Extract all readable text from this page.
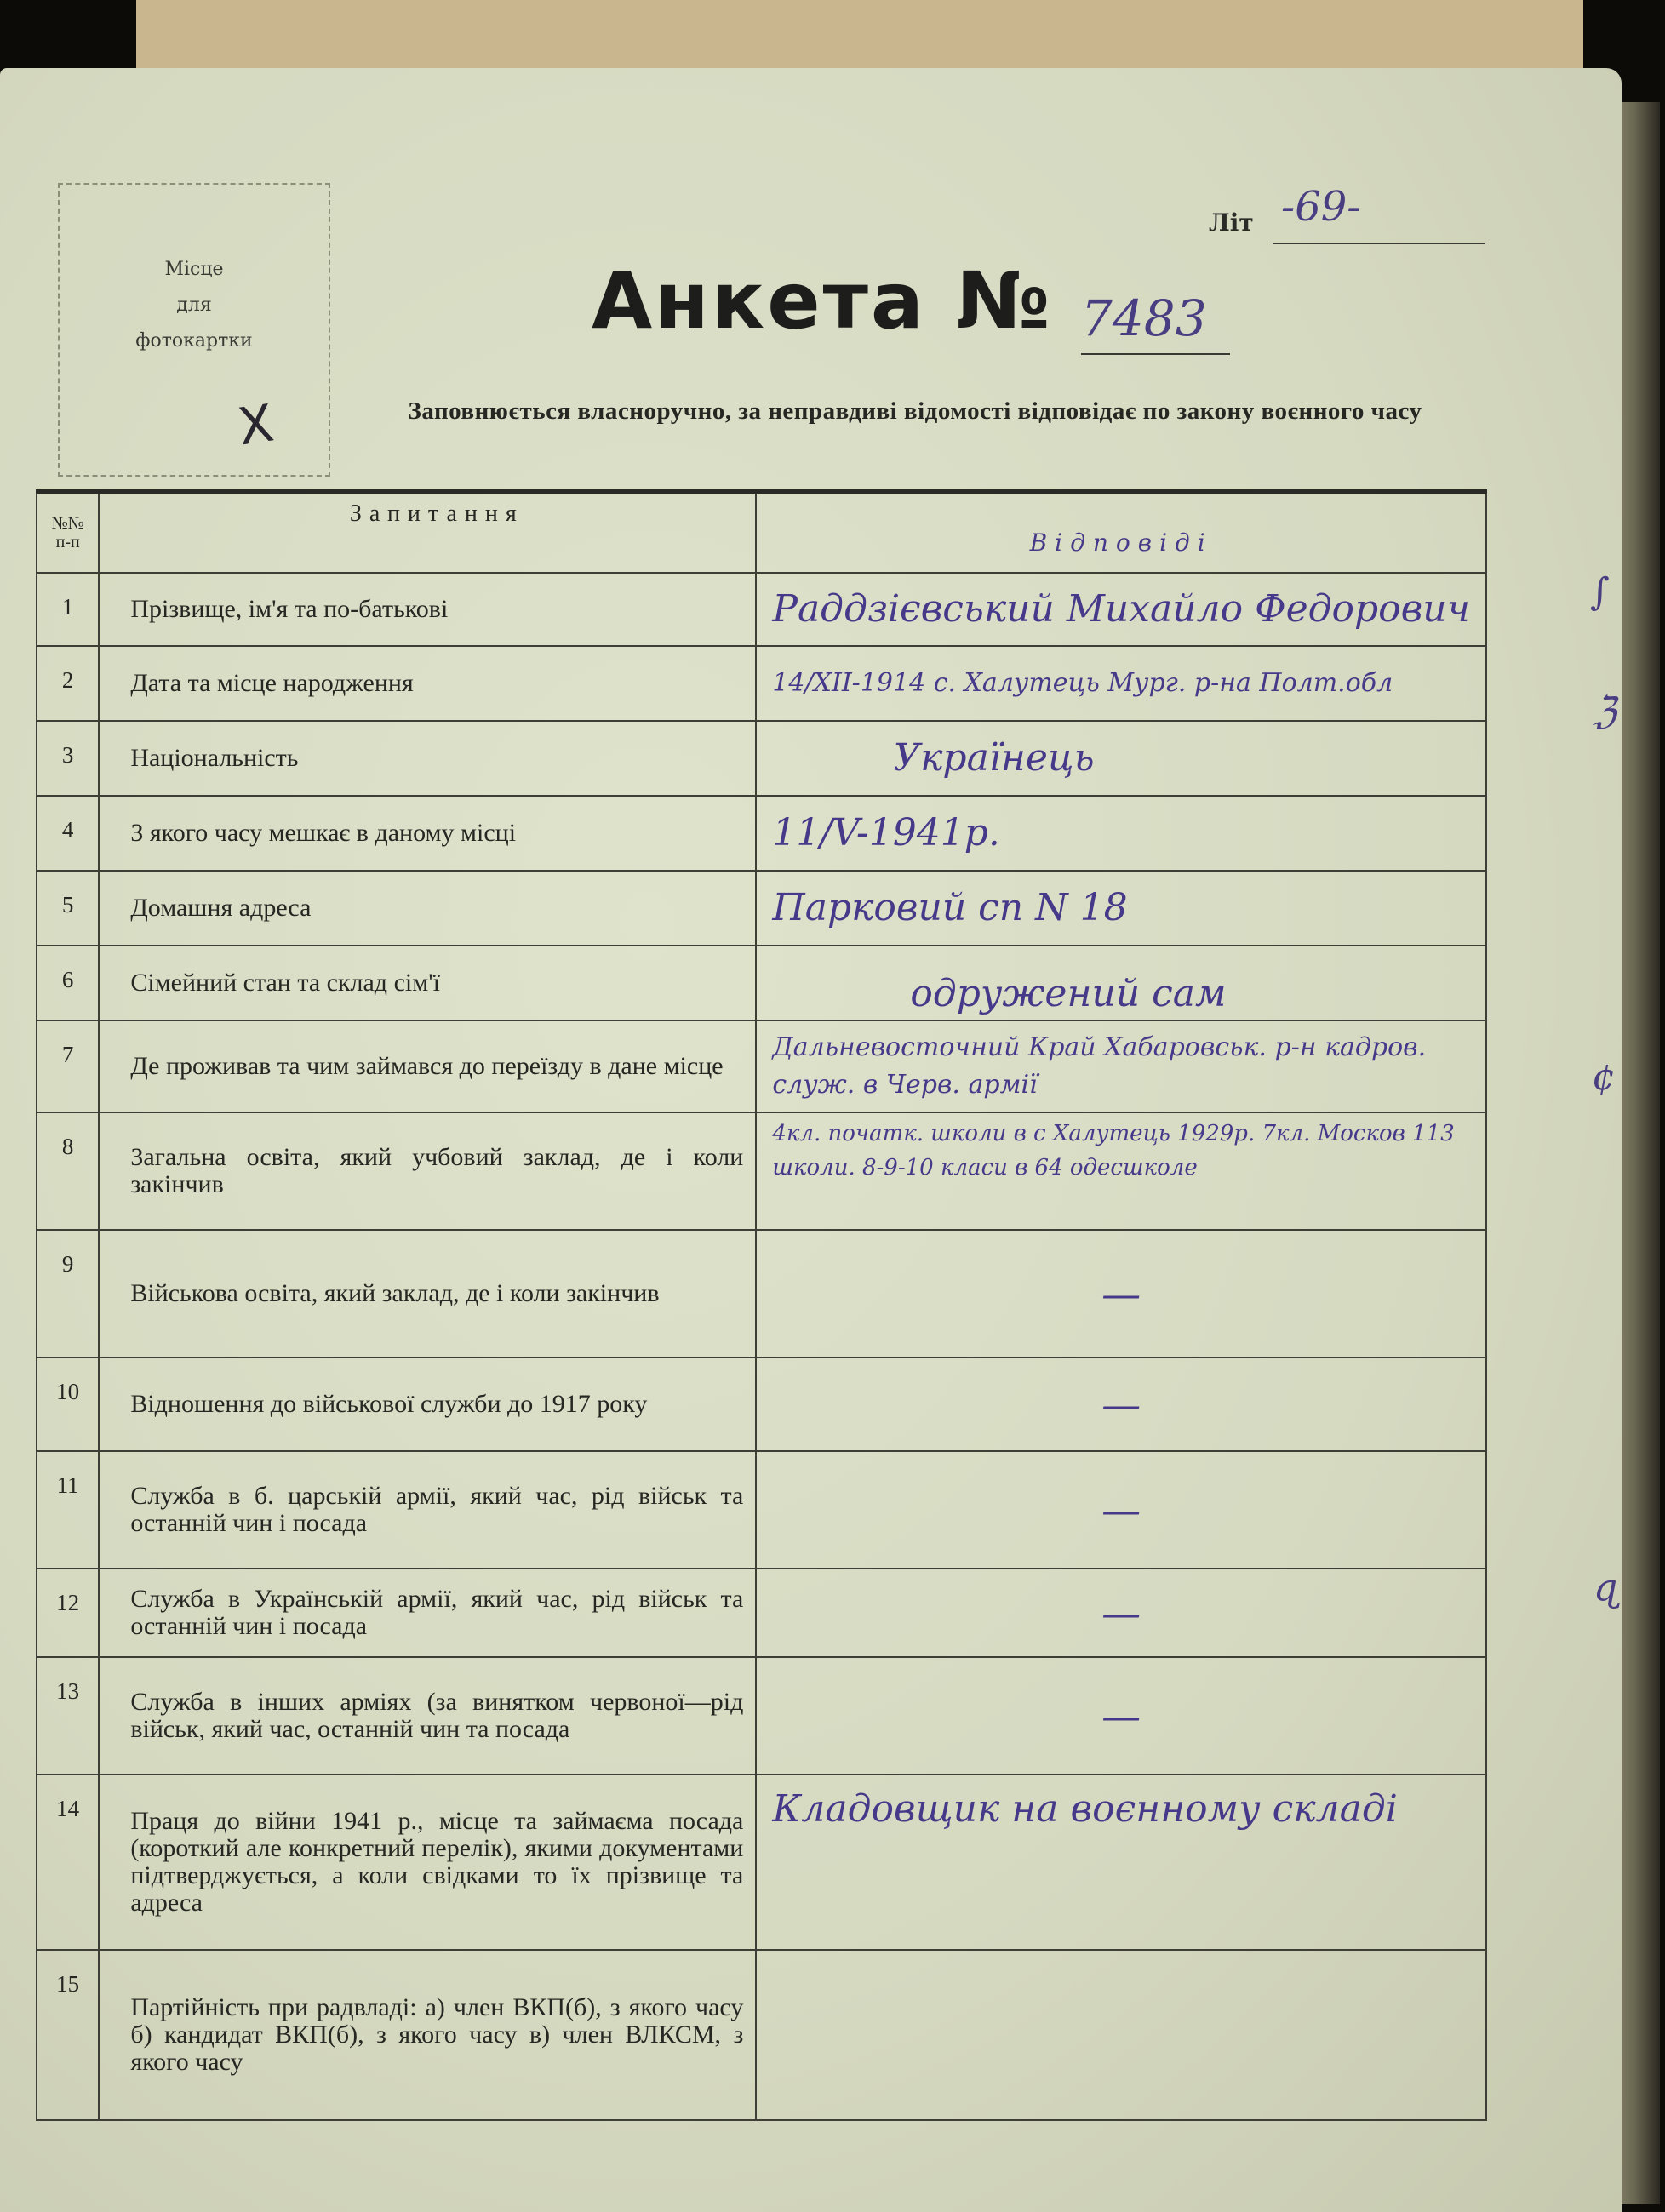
Місце
для
фотокартки
X
Літ -69-
Анкета № 7483
Заповнюється власноручно, за неправдиві відомості відповідає по закону воєнного часу
№№
п-п	Запитання	Відповіді
1	Прізвище, ім'я та по-батькові	Раддзієвський Михайло Федорович
2	Дата та місце народження	14/XII-1914 с. Халутець Мург. р-на Полт.обл
3	Національність	Українець
4	З якого часу мешкає в даному місці	11/V-1941р.
5	Домашня адреса	Парковий сп N 18
6	Сімейний стан та склад сім'ї	одружений сам
7	Де проживав та чим займався до переїзду в дане місце	Дальневосточний Край Хабаровськ. р-н кадров. служ. в Черв. армії
8	Загальна освіта, який учбовий заклад, де і коли закінчив	4кл. початк. школи в с Халутець 1929р. 7кл. Москов 113 школи. 8-9-10 класи в 64 одесшколе
9	Військова освіта, який заклад, де і коли закінчив	—
10	Відношення до військової служби до 1917 року	—
11	Служба в б. царській армії, який час, рід військ та останній чин і посада	—
12	Служба в Українській армії, який час, рід військ та останній чин і посада	—
13	Служба в інших арміях (за винятком червоної—рід військ, який час, останній чин та посада	—
14	Праця до війни 1941 р., місце та займаєма посада (короткий але конкретний перелік), якими документами підтверджується, а коли свідками то їх прізвище та адреса	Кладовщик на воєнному складі
15	Партійність при радвладі: а) член ВКП(б), з якого часу б) кандидат ВКП(б), з якого часу в) член ВЛКСМ, з якого часу	
∫
ℨ
¢
ɋ
